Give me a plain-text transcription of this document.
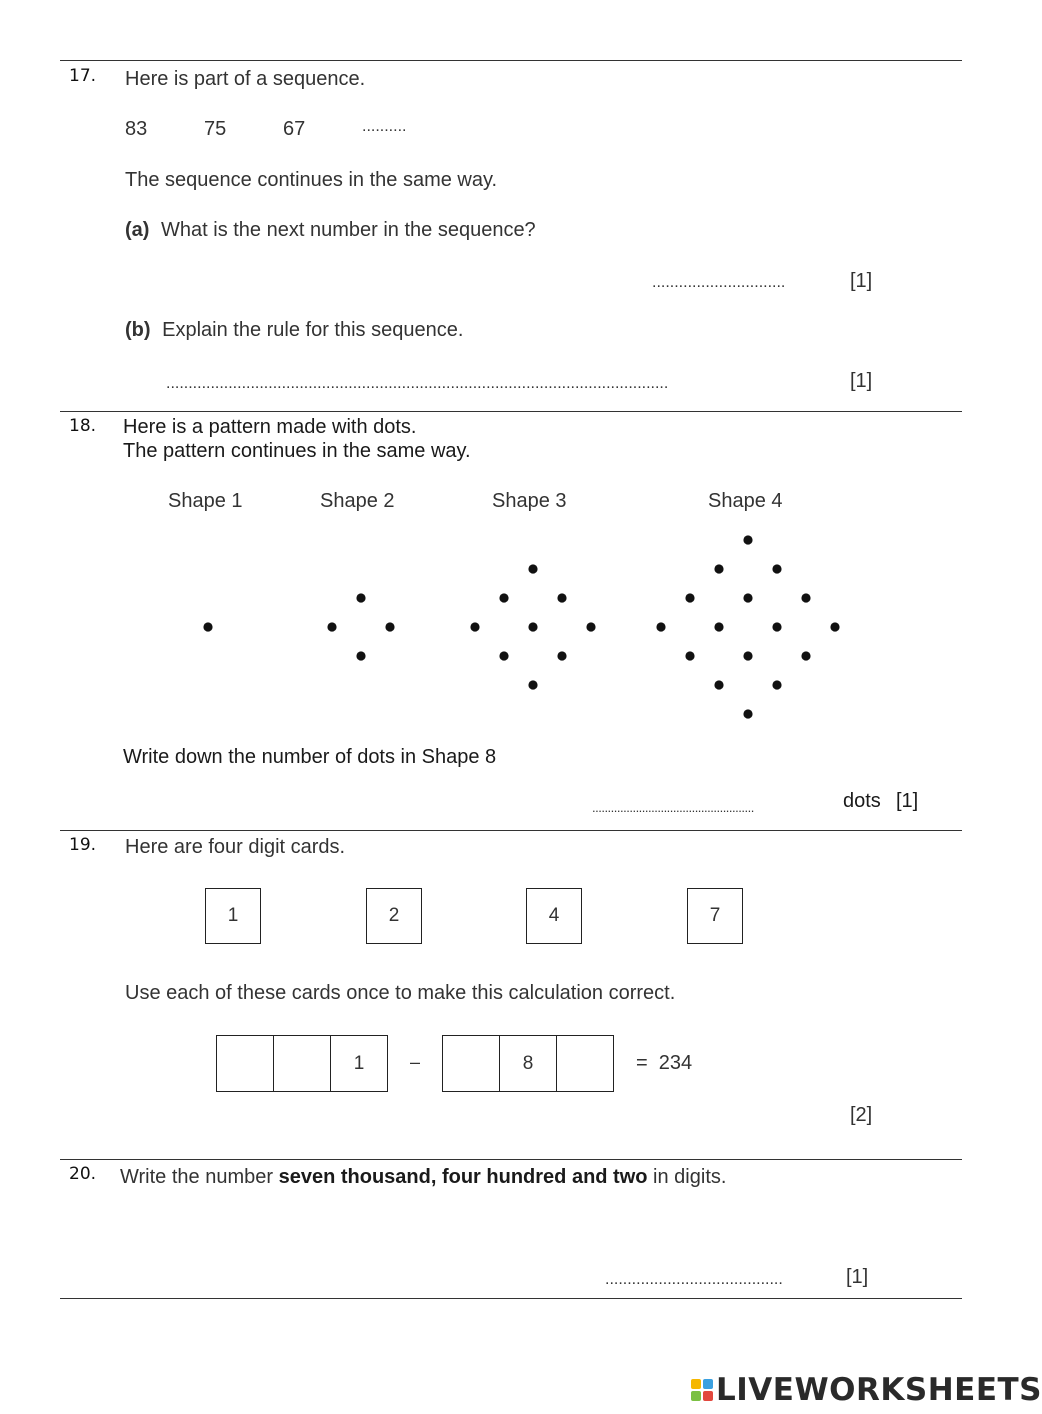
17. Here is part of a sequence.
83	75	67	..........
The sequence continues in the same way.
(a) What is the next number in the sequence?
..............................	[1]
(b) Explain the rule for this sequence.
.................................................................................................................	[1]
18. Here is a pattern made with dots.
The pattern continues in the same way.
Shape 1	Shape 2	Shape 3	Shape 4
Write down the number of dots in Shape 8
....................................................	dots [1]
19. Here are four digit cards.
1	2	4	7
Use each of these cards once to make this calculation correct.
1	–	8	=  234
[2]
20. Write the number seven thousand, four hundred and two in digits.
........................................	[1]
LIVEWORKSHEETS
